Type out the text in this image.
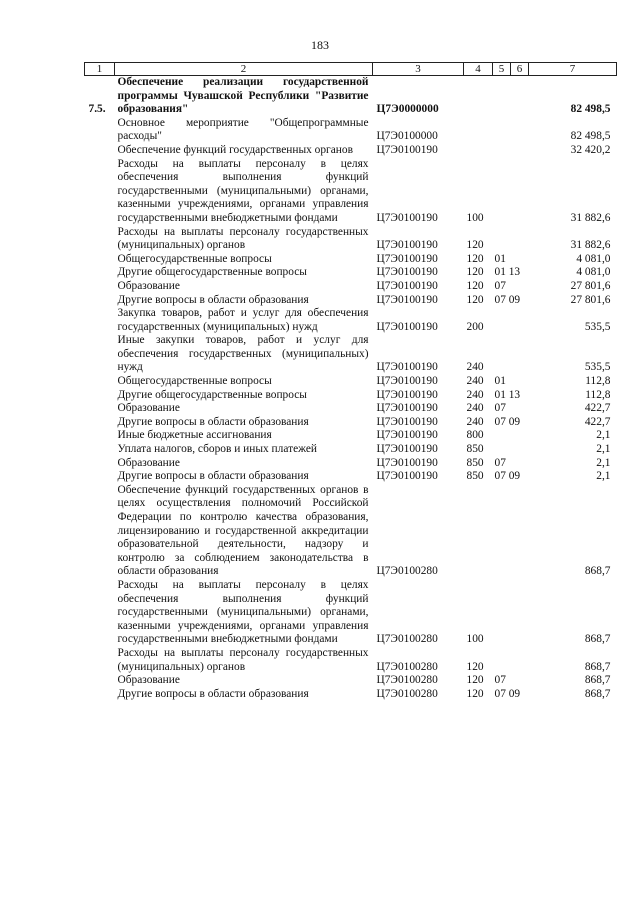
183
1	2	3	4	5	6	7
7.5.	Обеспечение реализации государственной программы Чувашской Республики "Развитие образования"	Ц7Э0000000				82 498,5
	Основное мероприятие "Общепрограммные расходы"	Ц7Э0100000				82 498,5
	Обеспечение функций государственных органов	Ц7Э0100190				32 420,2
	Расходы на выплаты персоналу в целях обеспечения выполнения функций государственными (муниципальными) органами, казенными учреждениями, органами управления государственными внебюджетными фондами	Ц7Э0100190	100			31 882,6
	Расходы на выплаты персоналу государственных (муниципальных) органов	Ц7Э0100190	120			31 882,6
	Общегосударственные вопросы	Ц7Э0100190	120	01		4 081,0
	Другие общегосударственные вопросы	Ц7Э0100190	120	01 13		4 081,0
	Образование	Ц7Э0100190	120	07		27 801,6
	Другие вопросы в области образования	Ц7Э0100190	120	07 09		27 801,6
	Закупка товаров, работ и услуг для обеспечения государственных (муниципальных) нужд	Ц7Э0100190	200			535,5
	Иные закупки товаров, работ и услуг для обеспечения государственных (муниципальных) нужд	Ц7Э0100190	240			535,5
	Общегосударственные вопросы	Ц7Э0100190	240	01		112,8
	Другие общегосударственные вопросы	Ц7Э0100190	240	01 13		112,8
	Образование	Ц7Э0100190	240	07		422,7
	Другие вопросы в области образования	Ц7Э0100190	240	07 09		422,7
	Иные бюджетные ассигнования	Ц7Э0100190	800			2,1
	Уплата налогов, сборов и иных платежей	Ц7Э0100190	850			2,1
	Образование	Ц7Э0100190	850	07		2,1
	Другие вопросы в области образования	Ц7Э0100190	850	07 09		2,1
	Обеспечение функций государственных органов в целях осуществления полномочий Российской Федерации по контролю качества образования, лицензированию и государственной аккредитации образовательной деятельности, надзору и контролю за соблюдением законодательства в области образования	Ц7Э0100280				868,7
	Расходы на выплаты персоналу в целях обеспечения выполнения функций государственными (муниципальными) органами, казенными учреждениями, органами управления государственными внебюджетными фондами	Ц7Э0100280	100			868,7
	Расходы на выплаты персоналу государственных (муниципальных) органов	Ц7Э0100280	120			868,7
	Образование	Ц7Э0100280	120	07		868,7
	Другие вопросы в области образования	Ц7Э0100280	120	07 09		868,7
